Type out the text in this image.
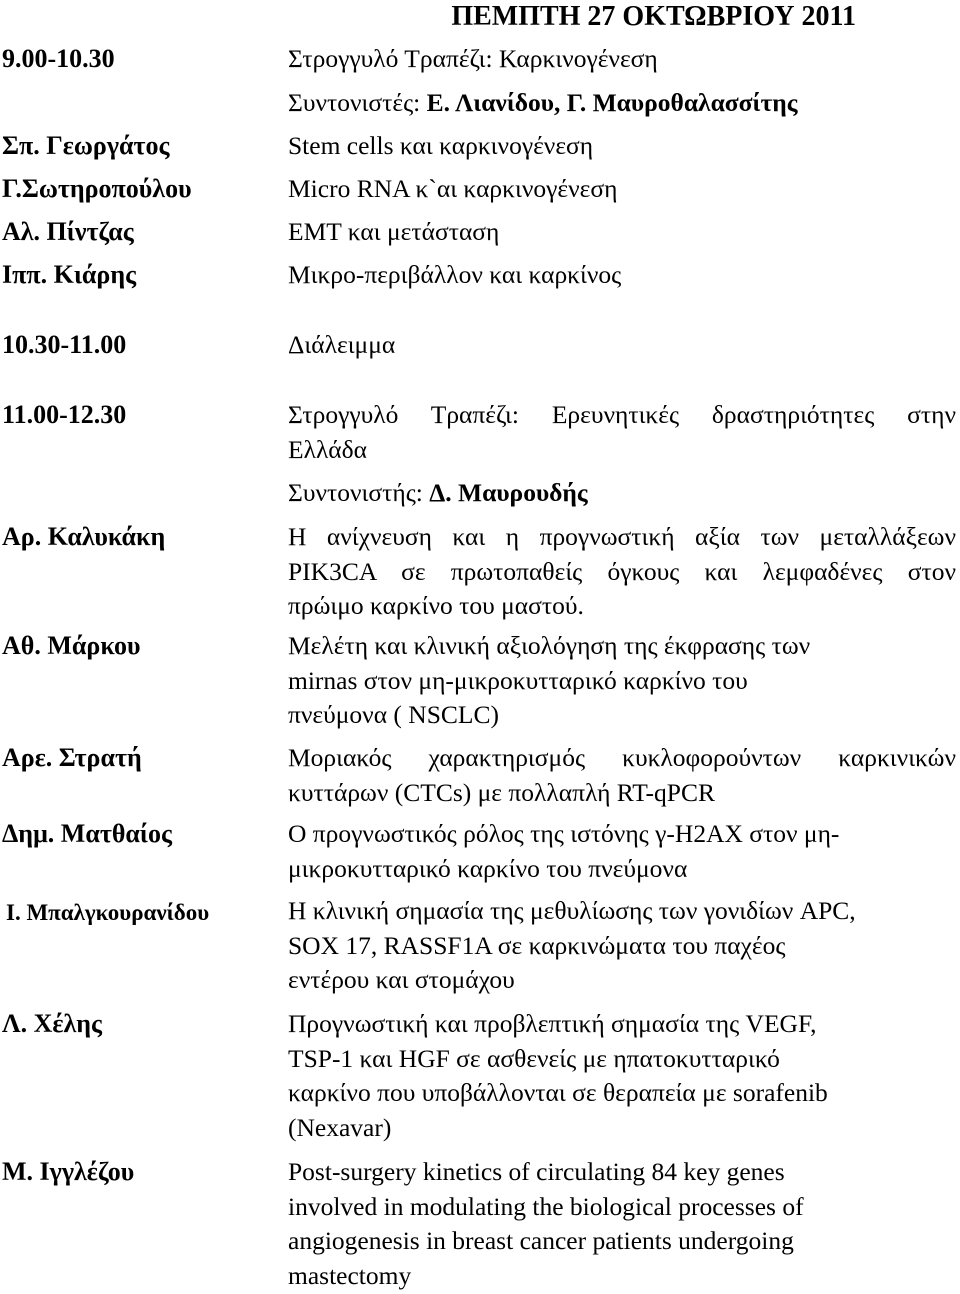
ΠΕΜΠΤΗ 27 ΟΚΤΩΒΡΙΟΥ 2011
9.00-10.30	Στρογγυλό Τραπέζι: Καρκινογένεση
Συντονιστές: Ε. Λιανίδου, Γ. Μαυροθαλασσίτης
Σπ. Γεωργάτος	Stem cells και καρκινογένεση
Γ.Σωτηροπούλου	Micro RNA κ`αι καρκινογένεση
Αλ. Πίντζας	EMT και μετάσταση
Ιππ. Κιάρης	Μικρο-περιβάλλον και καρκίνος
10.30-11.00	Διάλειμμα
11.00-12.30	Στρογγυλό Τραπέζι: Ερευνητικές δραστηριότητες στην
Ελλάδα
Συντονιστής: Δ. Μαυρουδής
Αρ. Καλυκάκη	Η ανίχνευση και η προγνωστική αξία των μεταλλάξεων
PIK3CA σε πρωτοπαθείς όγκους και λεμφαδένες στον
πρώιμο καρκίνο του μαστού.
Αθ. Μάρκου	Μελέτη και κλινική αξιολόγηση της έκφρασης των
mirnas στον μη-μικροκυτταρικό καρκίνο του
πνεύμονα ( NSCLC)
Αρε. Στρατή	Μοριακός χαρακτηρισμός κυκλοφορούντων καρκινικών
κυττάρων (CTCs) με πολλαπλή RT-qPCR
Δημ. Ματθαίος	Ο προγνωστικός ρόλος της ιστόνης γ-H2AX στον μη-
μικροκυτταρικό καρκίνο του πνεύμονα
Ι. Μπαλγκουρανίδου	Η κλινική σημασία της μεθυλίωσης των γονιδίων APC,
SOX 17, RASSF1A σε καρκινώματα του παχέος
εντέρου και στομάχου
Λ. Χέλης	Προγνωστική και προβλεπτική σημασία της VEGF,
TSP-1 και HGF σε ασθενείς με ηπατοκυτταρικό
καρκίνο που υποβάλλονται σε θεραπεία με sorafenib
(Nexavar)
Μ. Ιγγλέζου	Post-surgery kinetics of circulating 84 key genes
involved in modulating the biological processes of
angiogenesis in breast cancer patients undergoing
mastectomy
